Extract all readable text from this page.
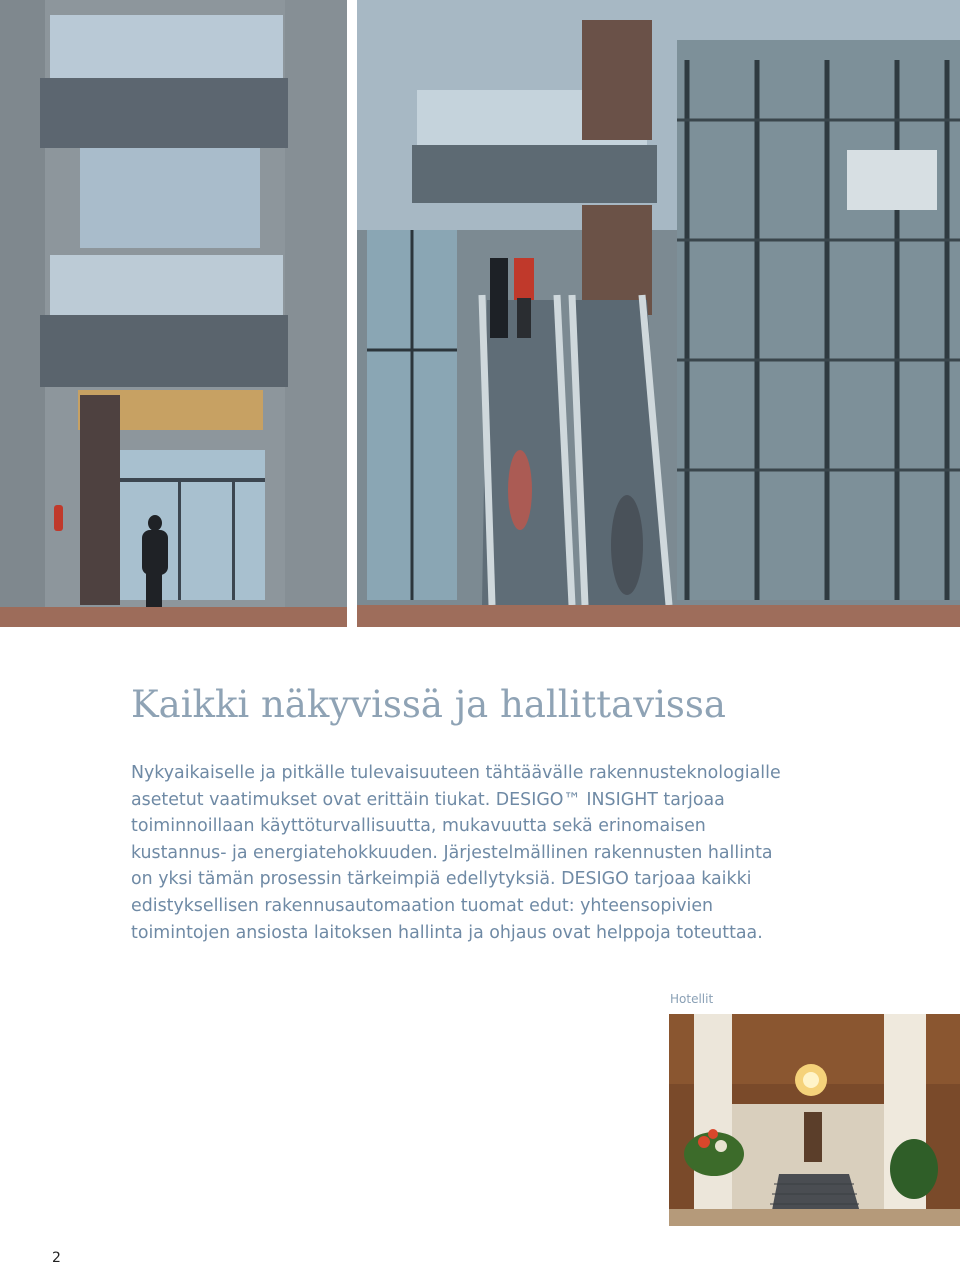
Kaikki näkyvissä ja hallittavissa
Nykyaikaiselle ja pitkälle tulevaisuuteen tähtäävälle rakennusteknologialle
asetetut vaatimukset ovat erittäin tiukat. DESIGO™ INSIGHT tarjoaa
toiminnoillaan käyttöturvallisuutta, mukavuutta sekä erinomaisen
kustannus- ja energiatehokkuuden. Järjestelmällinen rakennusten hallinta
on yksi tämän prosessin tärkeimpiä edellytyksiä. DESIGO tarjoaa kaikki
edistyksellisen rakennusautomaation tuomat edut: yhteensopivien
toimintojen ansiosta laitoksen hallinta ja ohjaus ovat helppoja toteuttaa.
Hotellit
2
